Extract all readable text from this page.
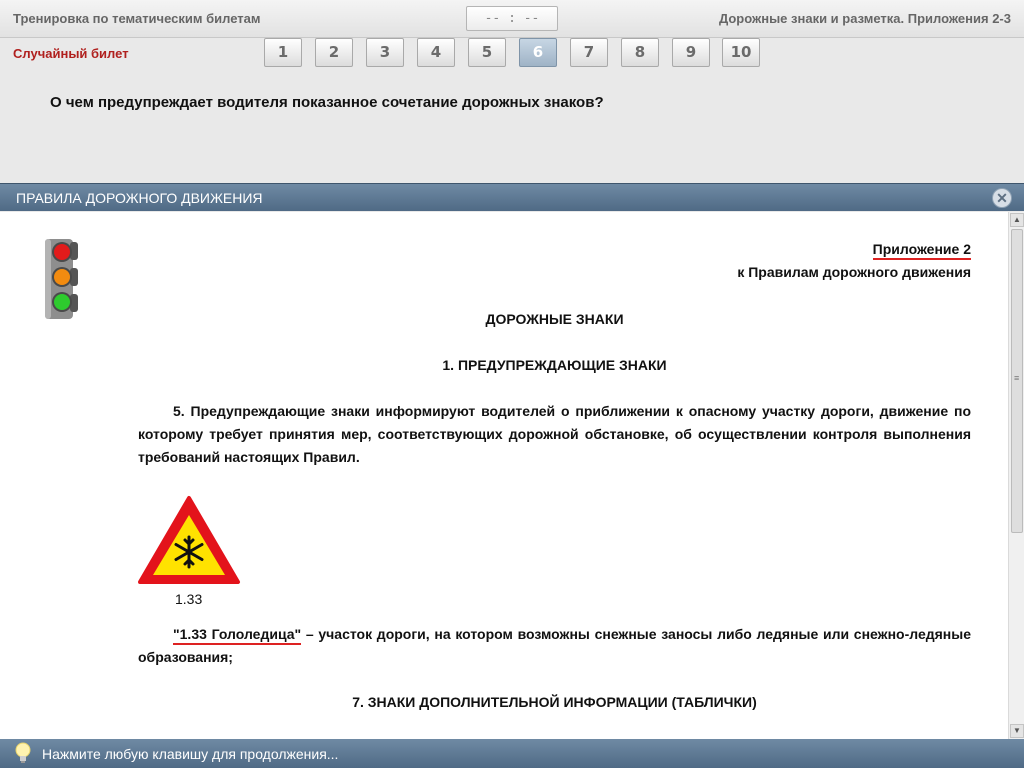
Тренировка по тематическим билетам	-- : --	Дорожные знаки и разметка. Приложения 2-3
Случайный билет	1	2	3	4	5	6	7	8	9	10
О чем предупреждает водителя показанное сочетание дорожных знаков?
ПРАВИЛА ДОРОЖНОГО ДВИЖЕНИЯ	✕
Приложение 2
к Правилам дорожного движения
ДОРОЖНЫЕ ЗНАКИ
1. ПРЕДУПРЕЖДАЮЩИЕ ЗНАКИ
5. Предупреждающие знаки информируют водителей о приближении к опасному участку дороги, движение по которому требует принятия мер, соответствующих дорожной обстановке, об осуществлении контроля выполнения требований настоящих Правил.
1.33
"1.33 Гололедица" – участок дороги, на котором возможны снежные заносы либо ледяные или снежно-ледяные образования;
7. ЗНАКИ ДОПОЛНИТЕЛЬНОЙ ИНФОРМАЦИИ (ТАБЛИЧКИ)
▲
≡
▼
Нажмите любую клавишу для продолжения...
